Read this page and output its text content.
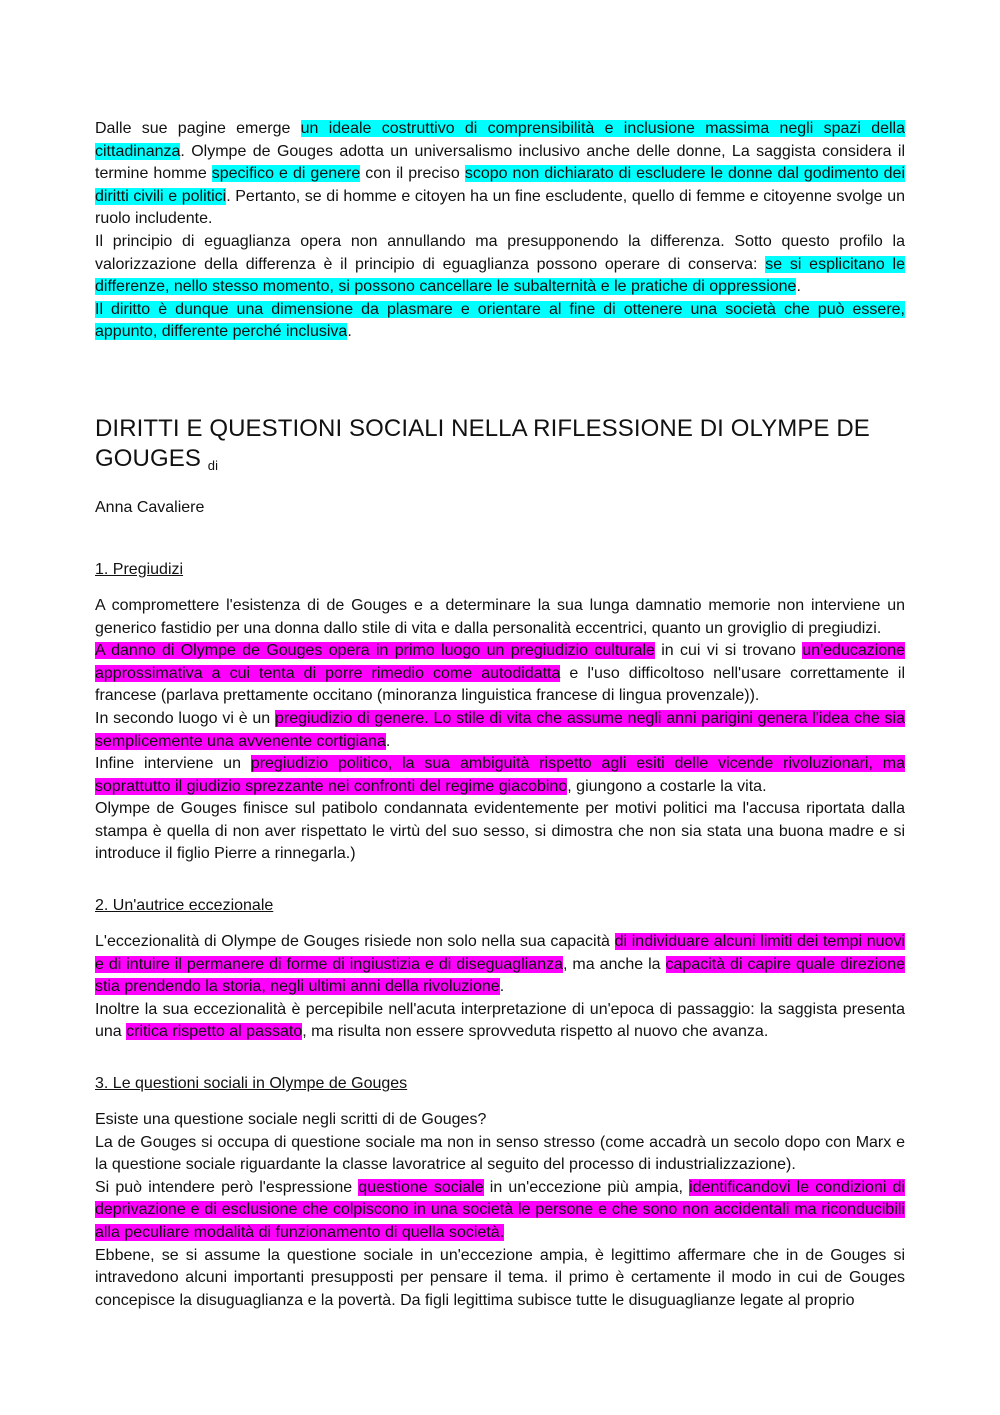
Dalle sue pagine emerge un ideale costruttivo di comprensibilità e inclusione massima negli spazi della cittadinanza. Olympe de Gouges adotta un universalismo inclusivo anche delle donne, La saggista considera il termine homme specifico e di genere con il preciso scopo non dichiarato di escludere le donne dal godimento dei diritti civili e politici. Pertanto, se di homme e citoyen ha un fine escludente, quello di femme e citoyenne svolge un ruolo includente.

Il principio di eguaglianza opera non annullando ma presupponendo la differenza. Sotto questo profilo la valorizzazione della differenza è il principio di eguaglianza possono operare di conserva: se si esplicitano le differenze, nello stesso momento, si possono cancellare le subalternità e le pratiche di oppressione.

Il diritto è dunque una dimensione da plasmare e orientare al fine di ottenere una società che può essere, appunto, differente perché inclusiva.

DIRITTI E QUESTIONI SOCIALI NELLA RIFLESSIONE DI OLYMPE DE GOUGES di
Anna Cavaliere
1. Pregiudizi

A compromettere l'esistenza di de Gouges e a determinare la sua lunga damnatio memorie non interviene un generico fastidio per una donna dallo stile di vita e dalla personalità eccentrici, quanto un groviglio di pregiudizi.

A danno di Olympe de Gouges opera in primo luogo un pregiudizio culturale in cui vi si trovano un'educazione approssimativa a cui tenta di porre rimedio come autodidatta e l'uso difficoltoso nell'usare correttamente il francese (parlava prettamente occitano (minoranza linguistica francese di lingua provenzale)).

In secondo luogo vi è un pregiudizio di genere. Lo stile di vita che assume negli anni parigini genera l'idea che sia semplicemente una avvenente cortigiana.

Infine interviene un pregiudizio politico, la sua ambiguità rispetto agli esiti delle vicende rivoluzionari, ma soprattutto il giudizio sprezzante nei confronti del regime giacobino, giungono a costarle la vita.

Olympe de Gouges finisce sul patibolo condannata evidentemente per motivi politici ma l'accusa riportata dalla stampa è quella di non aver rispettato le virtù del suo sesso, si dimostra che non sia stata una buona madre e si introduce il figlio Pierre a rinnegarla.)

2. Un'autrice eccezionale

L'eccezionalità di Olympe de Gouges risiede non solo nella sua capacità di individuare alcuni limiti dei tempi nuovi e di intuire il permanere di forme di ingiustizia e di diseguaglianza, ma anche la capacità di capire quale direzione stia prendendo la storia, negli ultimi anni della rivoluzione.

Inoltre la sua eccezionalità è percepibile nell'acuta interpretazione di un'epoca di passaggio: la saggista presenta una critica rispetto al passato, ma risulta non essere sprovveduta rispetto al nuovo che avanza.

3. Le questioni sociali in Olympe de Gouges

Esiste una questione sociale negli scritti di de Gouges?

La de Gouges si occupa di questione sociale ma non in senso stresso (come accadrà un secolo dopo con Marx e la questione sociale riguardante la classe lavoratrice al seguito del processo di industrializzazione).

Si può intendere però l'espressione questione sociale in un'eccezione più ampia, identificandovi le condizioni di deprivazione e di esclusione che colpiscono in una società le persone e che sono non accidentali ma riconducibili alla peculiare modalità di funzionamento di quella società.

Ebbene, se si assume la questione sociale in un'eccezione ampia, è legittimo affermare che in de Gouges si intravedono alcuni importanti presupposti per pensare il tema. il primo è certamente il modo in cui de Gouges concepisce la disuguaglianza e la povertà. Da figli legittima subisce tutte le disuguaglianze legate al proprio
